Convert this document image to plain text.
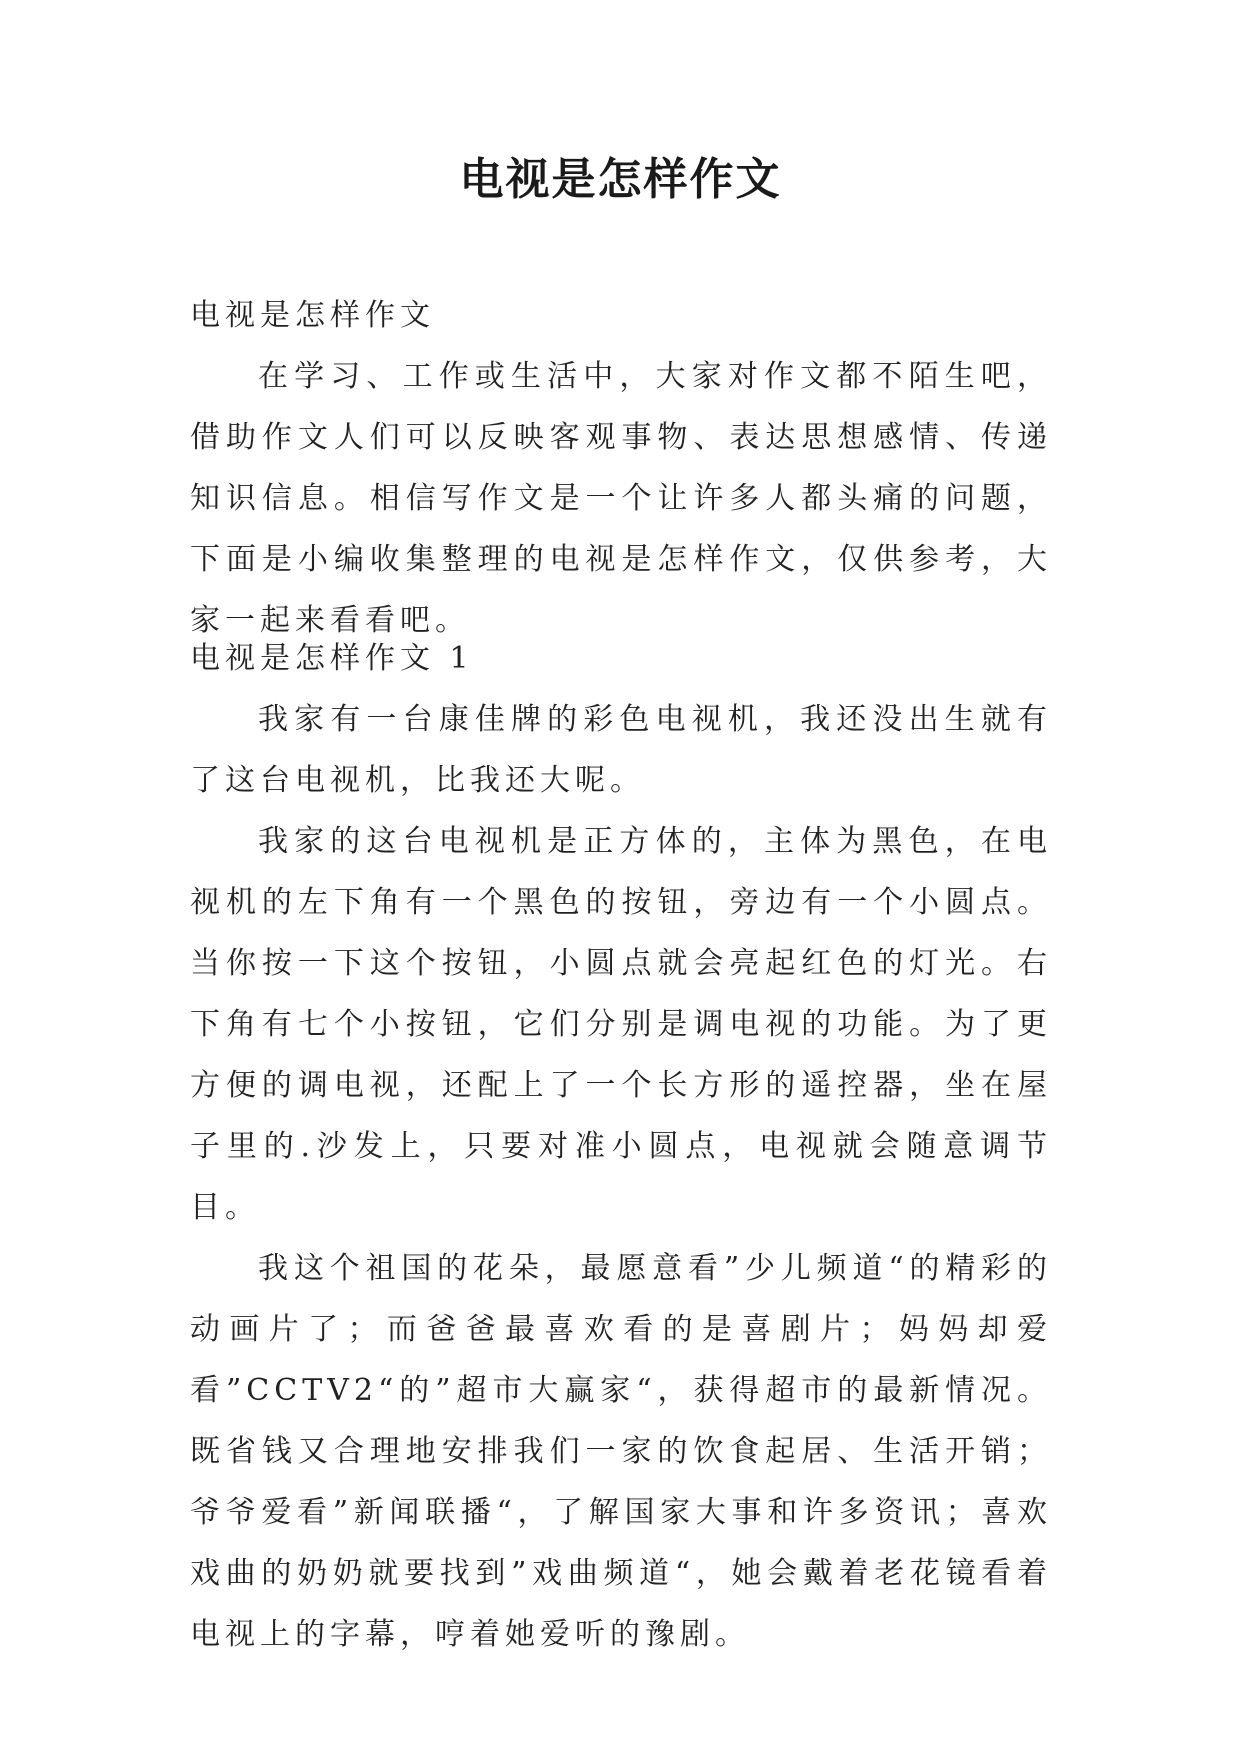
电视是怎样作文

电视是怎样作文

在学习、工作或生活中，大家对作文都不陌生吧，借助作文人们可以反映客观事物、表达思想感情、传递知识信息。相信写作文是一个让许多人都头痛的问题，下面是小编收集整理的电视是怎样作文，仅供参考，大家一起来看看吧。

电视是怎样作文 1

我家有一台康佳牌的彩色电视机，我还没出生就有了这台电视机，比我还大呢。

我家的这台电视机是正方体的，主体为黑色，在电视机的左下角有一个黑色的按钮，旁边有一个小圆点。当你按一下这个按钮，小圆点就会亮起红色的灯光。右下角有七个小按钮，它们分别是调电视的功能。为了更方便的调电视，还配上了一个长方形的遥控器，坐在屋子里的.沙发上，只要对准小圆点，电视就会随意调节目。

我这个祖国的花朵，最愿意看”少儿频道“的精彩的动画片了；而爸爸最喜欢看的是喜剧片；妈妈却爱看”CCTV2“的”超市大赢家“，获得超市的最新情况。既省钱又合理地安排我们一家的饮食起居、生活开销；爷爷爱看”新闻联播“，了解国家大事和许多资讯；喜欢戏曲的奶奶就要找到”戏曲频道“，她会戴着老花镜看着电视上的字幕，哼着她爱听的豫剧。
